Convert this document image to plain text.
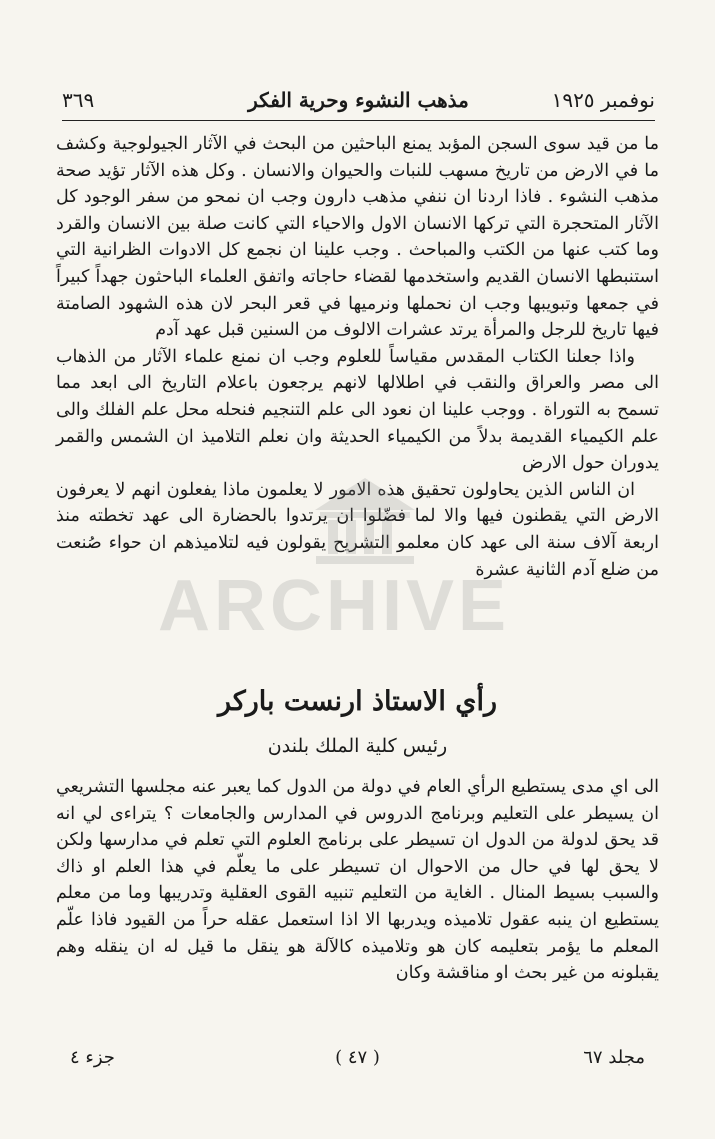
نوفمبر ١٩٢٥
مذهب النشوء وحرية الفكر
٣٦٩

ما من قيد سوى السجن المؤبد يمنع الباحثين من البحث في الآثار الجيولوجية وكشف ما في الارض من تاريخ مسهب للنبات والحيوان والانسان . وكل هذه الآثار تؤيد صحة مذهب النشوء . فاذا اردنا ان ننفي مذهب دارون وجب ان نمحو من سفر الوجود كل الآثار المتحجرة التي تركها الانسان الاول والاحياء التي كانت صلة بين الانسان والقرد وما كتب عنها من الكتب والمباحث . وجب علينا ان نجمع كل الادوات الظرانية التي استنبطها الانسان القديم واستخدمها لقضاء حاجاته واتفق العلماء الباحثون جهداً كبيراً في جمعها وتبويبها وجب ان نحملها ونرميها في قعر البحر لان هذه الشهود الصامتة فيها تاريخ للرجل والمرأة يرتد عشرات الالوف من السنين قبل عهد آدم

واذا جعلنا الكتاب المقدس مقياساً للعلوم وجب ان نمنع علماء الآثار من الذهاب الى مصر والعراق والنقب في اطلالها لانهم يرجعون باعلام التاريخ الى ابعد مما تسمح به التوراة . ووجب علينا ان نعود الى علم التنجيم فنحله محل علم الفلك والى علم الكيمياء القديمة بدلاً من الكيمياء الحديثة وان نعلم التلاميذ ان الشمس والقمر يدوران حول الارض

ان الناس الذين يحاولون تحقيق هذه الامور لا يعلمون ماذا يفعلون انهم لا يعرفون الارض التي يقطنون فيها والا لما فضّلوا ان يرتدوا بالحضارة الى عهد تخطته منذ اربعة آلاف سنة الى عهد كان معلمو التشريح يقولون فيه لتلاميذهم ان حواء صُنعت من ضلع آدم الثانية عشرة

رأي الاستاذ ارنست باركر
رئيس كلية الملك بلندن

الى اي مدى يستطيع الرأي العام في دولة من الدول كما يعبر عنه مجلسها التشريعي ان يسيطر على التعليم وبرنامج الدروس في المدارس والجامعات ؟ يتراءى لي انه قد يحق لدولة من الدول ان تسيطر على برنامج العلوم التي تعلم في مدارسها ولكن لا يحق لها في حال من الاحوال ان تسيطر على ما يعلّم في هذا العلم او ذاك والسبب بسيط المنال . الغاية من التعليم تنبيه القوى العقلية وتدريبها وما من معلم يستطيع ان ينبه عقول تلاميذه ويدربها الا اذا استعمل عقله حراً من القيود فاذا علّم المعلم ما يؤمر بتعليمه كان هو وتلاميذه كالآلة هو ينقل ما قيل له ان ينقله وهم يقبلونه من غير بحث او مناقشة وكان

مجلد ٦٧
( ٤٧ )
جزء ٤
ARCHIVE
